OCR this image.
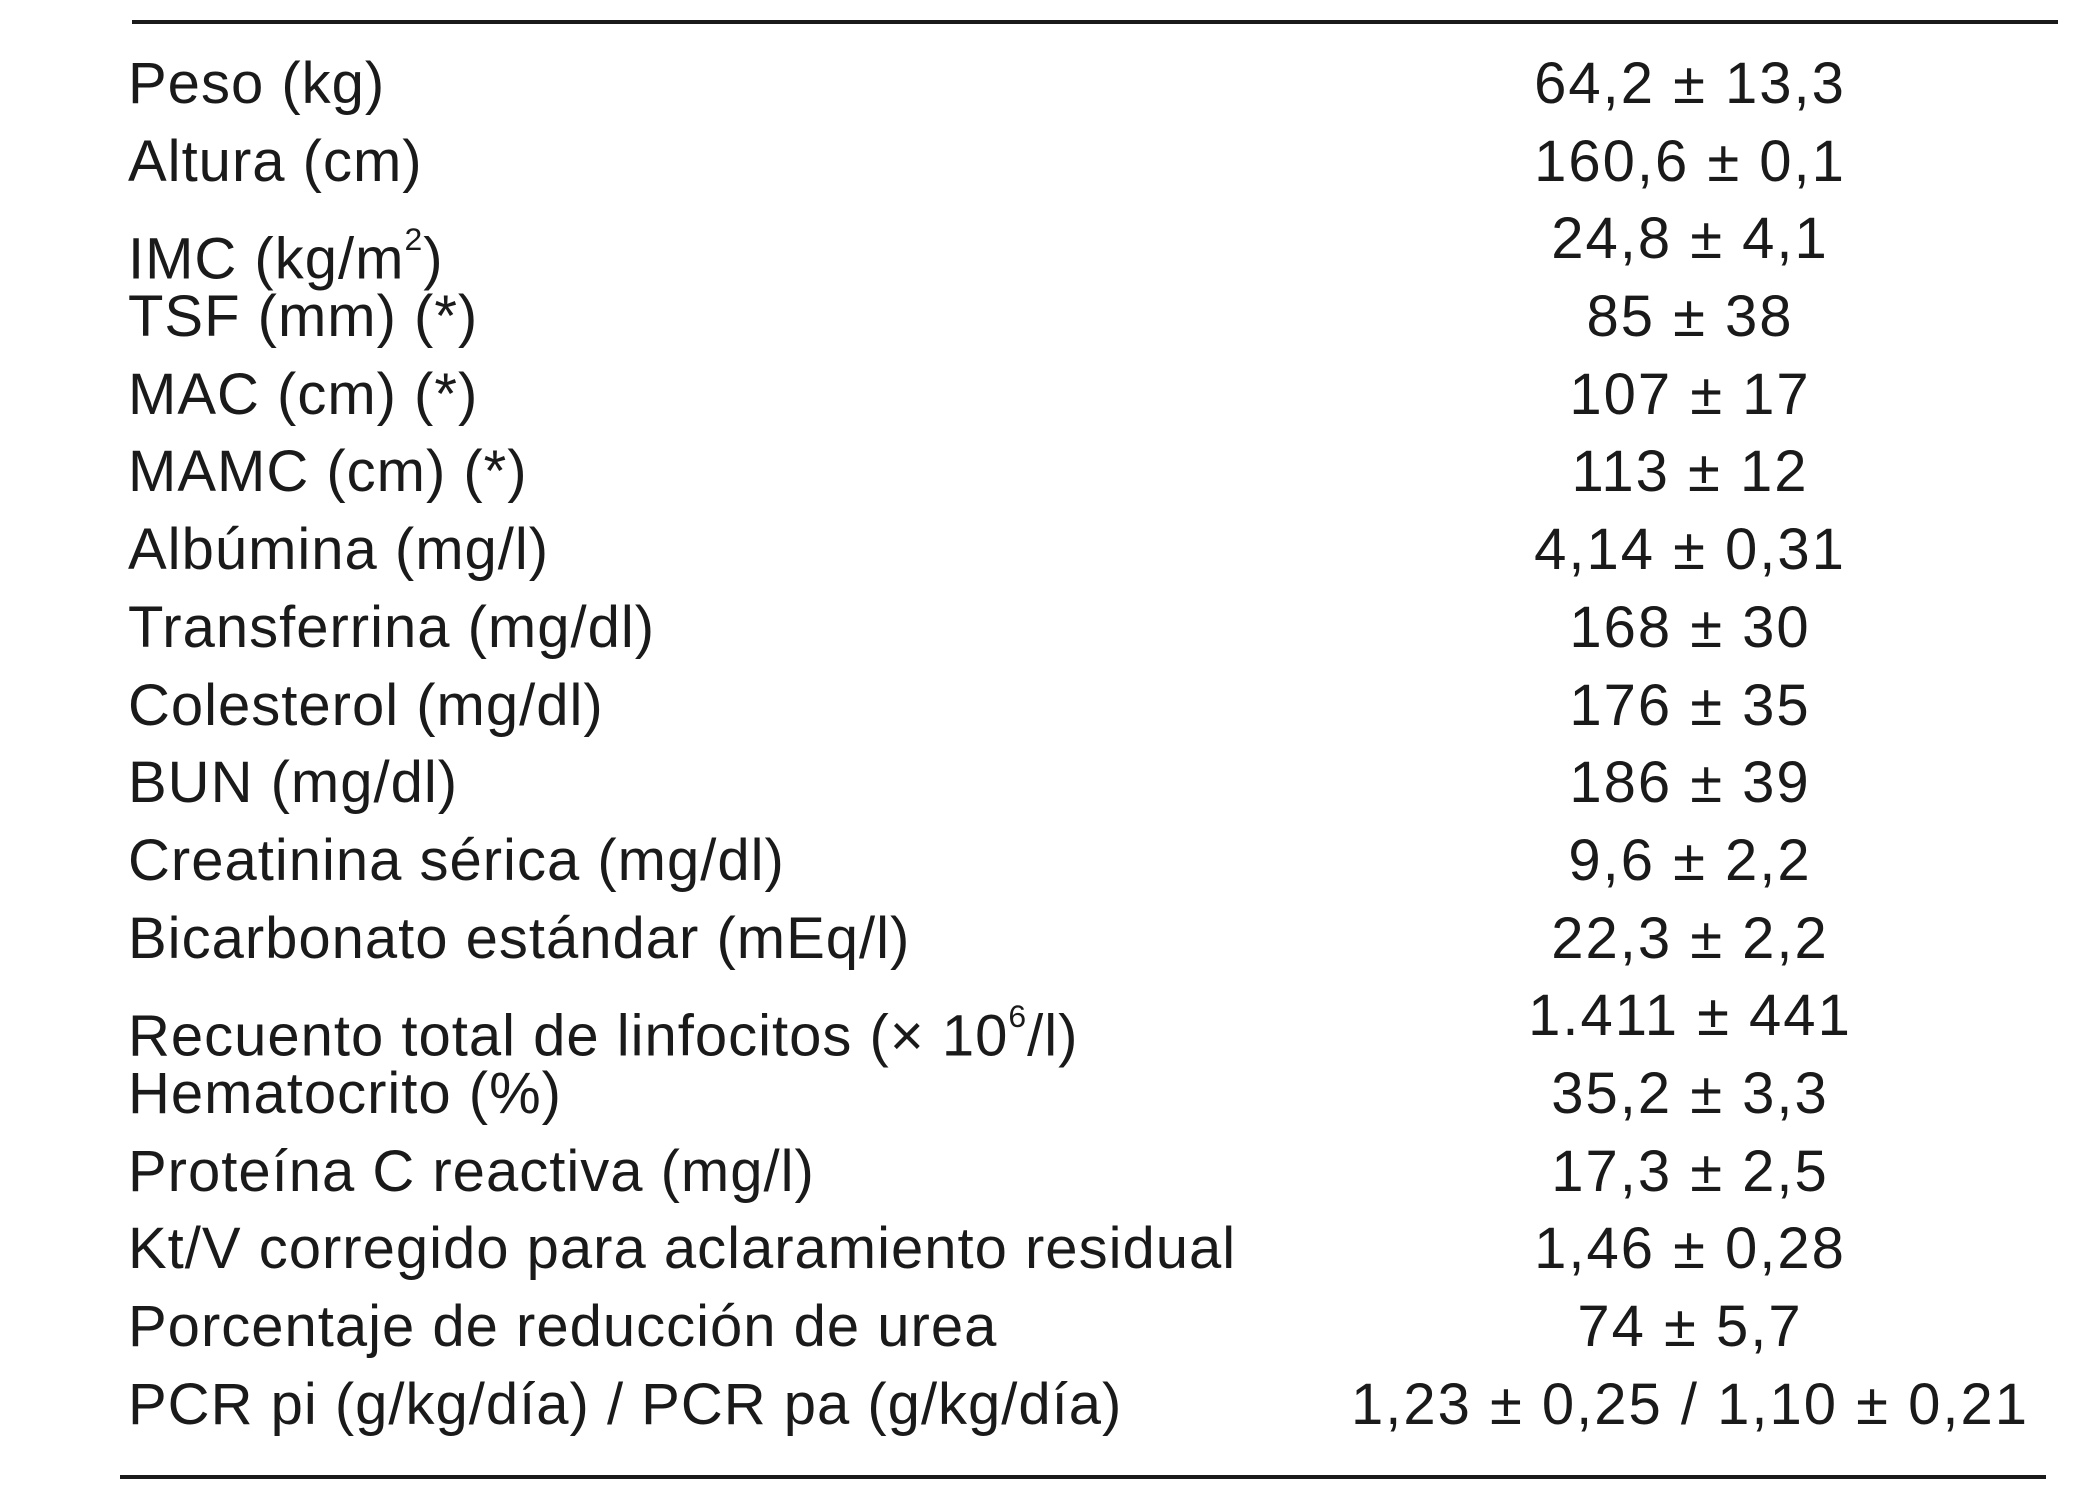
Peso (kg)	64,2 ± 13,3
Altura (cm)	160,6 ± 0,1
IMC $(kg/m^2)$	24,8 ± 4,1
TSF (mm) (*)	85 ± 38
MAC (cm) (*)	107 ± 17
MAMC (cm) (*)	113 ± 12
Albúmina (mg/l)	4,14 ± 0,31
Transferrina (mg/dl)	168 ± 30
Colesterol (mg/dl)	176 ± 35
BUN (mg/dl)	186 ± 39
Creatinina sérica (mg/dl)	9,6 ± 2,2
Bicarbonato estándar (mEq/l)	22,3 ± 2,2
Recuento total de linfocitos (× $10^6/l$)	1.411 ± 441
Hematocrito (%)	35,2 ± 3,3
Proteína C reactiva (mg/l)	17,3 ± 2,5
Kt/V corregido para aclaramiento residual	1,46 ± 0,28
Porcentaje de reducción de urea	74 ± 5,7
PCR pi (g/kg/día) / PCR pa (g/kg/día)	1,23 ± 0,25 / 1,10 ± 0,21
